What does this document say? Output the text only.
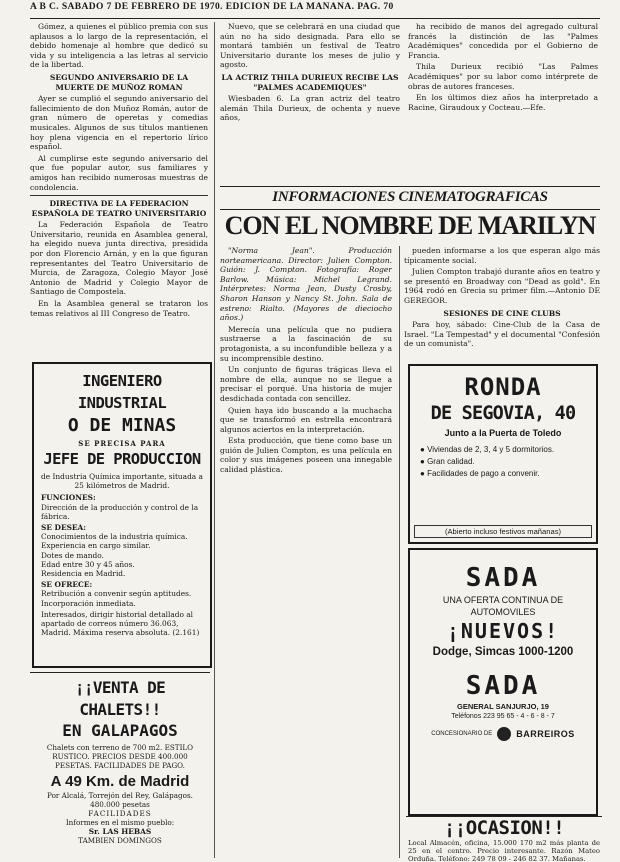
A B C. SABADO 7 DE FEBRERO DE 1970. EDICION DE LA MAÑANA. PAG. 70

Gómez, a quienes el público premia con sus aplausos a lo largo de la representación, el debido homenaje al hombre que dedicó su vida y su inteligencia a las letras al servicio de la libertad.

SEGUNDO ANIVERSARIO DE LA MUERTE DE MUÑOZ ROMAN

Ayer se cumplió el segundo aniversario del fallecimiento de don Muñoz Román, autor de gran número de operetas y comedias musicales. Algunos de sus títulos mantienen hoy plena vigencia en el repertorio lírico español.

Al cumplirse este segundo aniversario del que fue popular autor, sus familiares y amigos han recibido numerosas muestras de condolencia.

DIRECTIVA DE LA FEDERACION ESPAÑOLA DE TEATRO UNIVERSITARIO

La Federación Española de Teatro Universitario, reunida en Asamblea general, ha elegido nueva junta directiva, presidida por don Florencio Arnán, y en la que figuran representantes del Teatro Universitario de Murcia, de Zaragoza, Colegio Mayor José Antonio de Madrid y Colegio Mayor de Santiago de Compostela.

En la Asamblea general se trataron los temas relativos al III Congreso de Teatro.

INGENIERO INDUSTRIAL
O DE MINAS
SE PRECISA PARA
JEFE DE PRODUCCION

de Industria Química importante, situada a 25 kilómetros de Madrid.

FUNCIONES:

Dirección de la producción y control de la fábrica.

SE DESEA:

Conocimientos de la industria química.

Experiencia en cargo similar.

Dotes de mando.

Edad entre 30 y 45 años.

Residencia en Madrid.

SE OFRECE:

Retribución a convenir según aptitudes.

Incorporación inmediata.

Interesados, dirigir historial detallado al apartado de correos número 36.063, Madrid. Máxima reserva absoluta. (2.161)

¡¡VENTA DE CHALETS!!
EN GALAPAGOS
Chalets con terreno de 700 m2. ESTILO RUSTICO. PRECIOS DESDE 400.000 PESETAS. FACILIDADES DE PAGO.
A 49 Km. de Madrid
Por Alcalá, Torrejón del Rey, Galápagos.
480.000 pesetas
FACILIDADES
Informes en el mismo pueblo:
Sr. LAS HEBAS
TAMBIEN DOMINGOS

Nuevo, que se celebrará en una ciudad que aún no ha sido designada. Para ello se montará también un festival de Teatro Universitario durante los meses de julio y agosto.

LA ACTRIZ THILA DURIEUX RECIBE LAS "PALMES ACADEMIQUES"

Wiesbaden 6. La gran actriz del teatro alemán Thila Durieux, de ochenta y nueve años,

ha recibido de manos del agregado cultural francés la distinción de las "Palmes Académiques" concedida por el Gobierno de Francia.

Thila Durieux recibió "Las Palmes Académiques" por su labor como intérprete de obras de autores franceses.

En los últimos diez años ha interpretado a Racine, Giraudoux y Cocteau.—Efe.

INFORMACIONES CINEMATOGRAFICAS
CON EL NOMBRE DE MARILYN

"Norma Jean". Producción norteamericana. Director: Julien Compton. Guión: J. Compton. Fotografía: Roger Barlow. Música: Michel Legrand. Intérpretes: Norma Jean, Dusty Crosby, Sharon Hanson y Nancy St. John. Sala de estreno: Rialto. (Mayores de dieciocho años.)

Merecía una película que no pudiera sustraerse a la fascinación de su protagonista, a su inconfundible belleza y a su incomprensible destino.

Un conjunto de figuras trágicas lleva el nombre de ella, aunque no se llegue a precisar el porqué. Una historia de mujer desdichada contada con sencillez.

Quien haya ido buscando a la muchacha que se transformó en estrella encontrará algunos aciertos en la interpretación.

Esta producción, que tiene como base un guión de Julien Compton, es una película en color y sus imágenes poseen una innegable calidad plástica.

pueden informarse a los que esperan algo más típicamente social.

Julien Compton trabajó durante años en teatro y se presentó en Broadway con "Dead as gold". En 1964 rodó en Grecia su primer film.—Antonio DE GEREGOR.

SESIONES DE CINE CLUBS

Para hoy, sábado: Cine-Club de la Casa de Israel. "La Tempestad" y el documental "Confesión de un comunista".

RONDA
DE SEGOVIA, 40
Junto a la Puerta de Toledo
● Viviendas de 2, 3, 4 y 5 dormitorios.
● Gran calidad.
● Facilidades de pago a convenir.
(Abierto incluso festivos mañanas)
SADA
UNA OFERTA CONTINUA DE AUTOMOVILES
¡NUEVOS!
Dodge, Simcas 1000-1200
SADA
GENERAL SANJURJO, 19
Teléfonos 223 95 65 - 4 - 6 - 8 - 7
CONCESIONARIO DE	BARREIROS
¡¡OCASION!!
Local Almacén, oficina, 15.000 170 m2 más planta de 25 en el centro. Precio interesante. Razón Mateo Orduña. Teléfono: 249 78 09 - 246 82 37. Mañanas.
